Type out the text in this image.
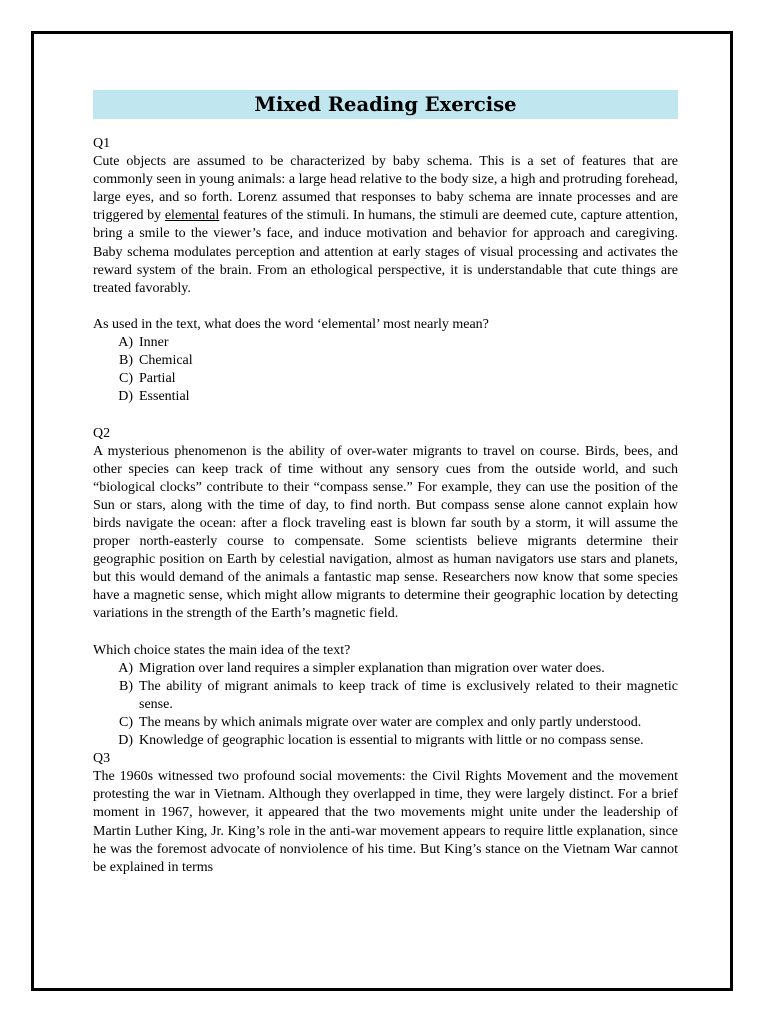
Mixed Reading Exercise

Q1

Cute objects are assumed to be characterized by baby schema. This is a set of features that are commonly seen in young animals: a large head relative to the body size, a high and protruding forehead, large eyes, and so forth. Lorenz assumed that responses to baby schema are innate processes and are triggered by elemental features of the stimuli. In humans, the stimuli are deemed cute, capture attention, bring a smile to the viewer’s face, and induce motivation and behavior for approach and caregiving. Baby schema modulates perception and attention at early stages of visual processing and activates the reward system of the brain. From an ethological perspective, it is understandable that cute things are treated favorably.

As used in the text, what does the word ‘elemental’ most nearly mean?

A) Inner
B) Chemical
C) Partial
D) Essential

Q2

A mysterious phenomenon is the ability of over-water migrants to travel on course. Birds, bees, and other species can keep track of time without any sensory cues from the outside world, and such “biological clocks” contribute to their “compass sense.” For example, they can use the position of the Sun or stars, along with the time of day, to find north. But compass sense alone cannot explain how birds navigate the ocean: after a flock traveling east is blown far south by a storm, it will assume the proper north-easterly course to compensate. Some scientists believe migrants determine their geographic position on Earth by celestial navigation, almost as human navigators use stars and planets, but this would demand of the animals a fantastic map sense. Researchers now know that some species have a magnetic sense, which might allow migrants to determine their geographic location by detecting variations in the strength of the Earth’s magnetic field.

Which choice states the main idea of the text?

A) Migration over land requires a simpler explanation than migration over water does.
B) The ability of migrant animals to keep track of time is exclusively related to their magnetic sense.
C) The means by which animals migrate over water are complex and only partly understood.
D) Knowledge of geographic location is essential to migrants with little or no compass sense.

Q3

The 1960s witnessed two profound social movements: the Civil Rights Movement and the movement protesting the war in Vietnam. Although they overlapped in time, they were largely distinct. For a brief moment in 1967, however, it appeared that the two movements might unite under the leadership of Martin Luther King, Jr. King’s role in the anti-war movement appears to require little explanation, since he was the foremost advocate of nonviolence of his time. But King’s stance on the Vietnam War cannot be explained in terms
